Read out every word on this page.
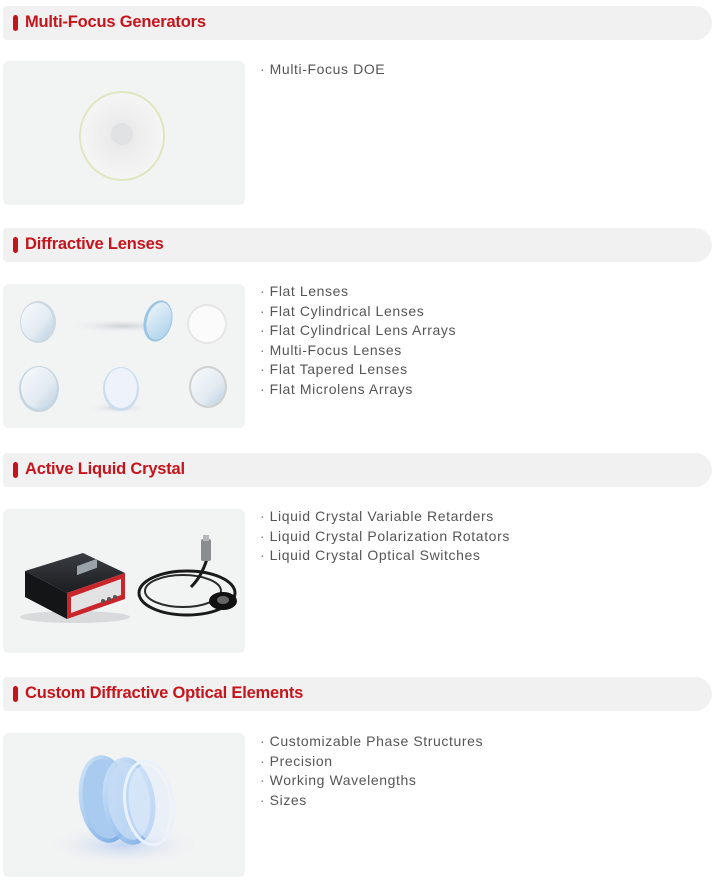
Multi-Focus Generators
· Multi-Focus DOE
Diffractive Lenses
· Flat Lenses
· Flat Cylindrical Lenses
· Flat Cylindrical Lens Arrays
· Multi-Focus Lenses
· Flat Tapered Lenses
· Flat Microlens Arrays
Active Liquid Crystal
· Liquid Crystal Variable Retarders
· Liquid Crystal Polarization Rotators
· Liquid Crystal Optical Switches
Custom Diffractive Optical Elements
· Customizable Phase Structures
· Precision
· Working Wavelengths
· Sizes
